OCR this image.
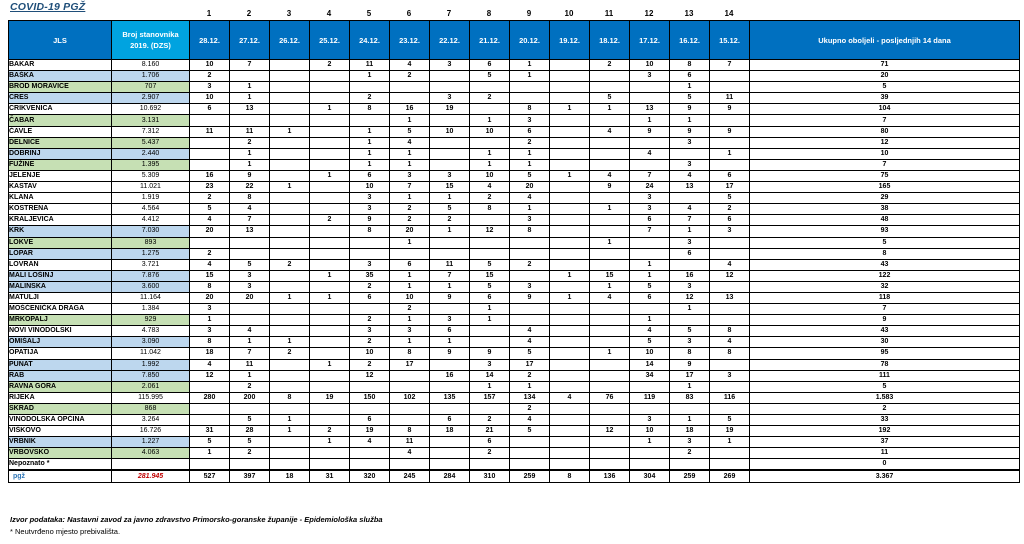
COVID-19 PGŽ
1	2	3	4	5	6	7	8	9	10	11	12	13	14
JLS	Broj stanovnika 2019. (DZS)	28.12.	27.12.	26.12.	25.12.	24.12.	23.12.	22.12.	21.12.	20.12.	19.12.	18.12.	17.12.	16.12.	15.12.	Ukupno oboljeli - posljednjih 14 dana
BAKAR	8.160	10	7		2	11	4	3	6	1		2	10	8	7	71
BAŠKA	1.706	2				1	2		5	1			3	6		20
BROD MORAVICE	707	3	1											1		5
CRES	2.907	10	1			2		3	2			5		5	11	39
CRIKVENICA	10.692	6	13		1	8	16	19		8	1	1	13	9	9	104
ČABAR	3.131						1		1	3			1	1		7
ČAVLE	7.312	11	11	1		1	5	10	10	6		4	9	9	9	80
DELNICE	5.437		2			1	4			2				3		12
DOBRINJ	2.440		1			1	1		1	1			4		1	10
FUŽINE	1.395		1			1	1		1	1				3		7
JELENJE	5.309	16	9		1	6	3	3	10	5	1	4	7	4	6	75
KASTAV	11.021	23	22	1		10	7	15	4	20		9	24	13	17	165
KLANA	1.919	2	8			3	1	1	2	4			3		5	29
KOSTRENA	4.564	5	4			3	2	5	8	1		1	3	4	2	38
KRALJEVICA	4.412	4	7		2	9	2	2		3			6	7	6	48
KRK	7.030	20	13			8	20	1	12	8			7	1	3	93
LOKVE	893						1					1		3		5
LOPAR	1.275	2												6		8
LOVRAN	3.721	4	5	2		3	6	11	5	2			1		4	43
MALI LOŠINJ	7.876	15	3		1	35	1	7	15		1	15	1	16	12	122
MALINSKA	3.600	8	3			2	1	1	5	3		1	5	3		32
MATULJI	11.164	20	20	1	1	6	10	9	6	9	1	4	6	12	13	118
MOŠĆENIČKA DRAGA	1.384	3					2		1					1		7
MRKOPALJ	929	1				2	1	3	1				1			9
NOVI VINODOLSKI	4.783	3	4			3	3	6		4			4	5	8	43
OMIŠALJ	3.090	8	1	1		2	1	1		4			5	3	4	30
OPATIJA	11.042	18	7	2		10	8	9	9	5		1	10	8	8	95
PUNAT	1.992	4	11		1	2	17		3	17			14	9		78
RAB	7.850	12	1			12		16	14	2			34	17	3	111
RAVNA GORA	2.061		2						1	1				1		5
RIJEKA	115.995	280	200	8	19	150	102	135	157	134	4	76	119	83	116	1.583
SKRAD	868									2						2
VINODOLSKA OPĆINA	3.264		5	1		6		6	2	4			3	1	5	33
VIŠKOVO	16.726	31	28	1	2	19	8	18	21	5		12	10	18	19	192
VRBNIK	1.227	5	5		1	4	11		6				1	3	1	37
VRBOVSKO	4.063	1	2				4		2					2		11
Nepoznato *																0
pgž	281.945	527	397	18	31	320	245	284	310	259	8	136	304	259	269	3.367
Izvor podataka: Nastavni zavod za javno zdravstvo Primorsko-goranske županije - Epidemiološka služba
* Neutvrđeno mjesto prebivališta.
